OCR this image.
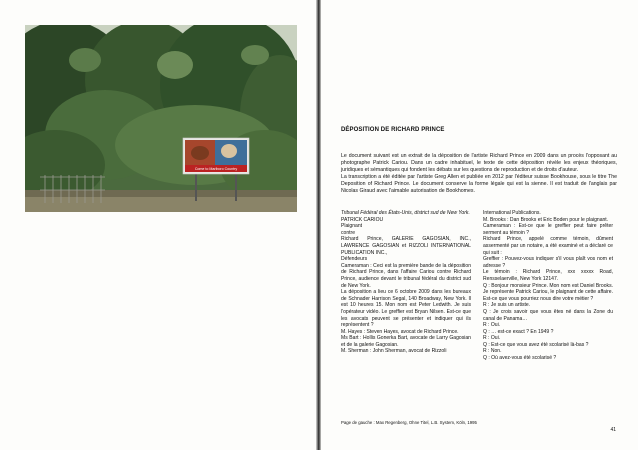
Come to Marlboro Country
DÉPOSITION DE RICHARD PRINCE

Le document suivant est un extrait de la déposition de l'artiste Richard Prince en 2009 dans un procès l'opposant au photographe Patrick Cariou. Dans un cadre inhabituel, le texte de cette déposition révèle les enjeux théoriques, juridiques et sémantiques qui fondent les débats sur les questions de reproduction et de droits d'auteur.

La transcription a été éditée par l'artiste Greg Allen et publiée en 2012 par l'éditeur suisse Bookhouse, sous le titre The Deposition of Richard Prince. Le document conserve la forme légale qui est la sienne. Il est traduit de l'anglais par Nicolas Giraud avec l'aimable autorisation de Bookhomes.

Tribunal Fédéral des États-Unis, district sud de New York.

PATRICK CARIOU

Plaignant

contre

Richard Prince, GALERIE GAGOSIAN, INC., LAWRENCE GAGOSIAN et RIZZOLI INTERNATIONAL PUBLICATION INC.,

Défendeurs

Cameraman : Ceci est la première bande de la déposition de Richard Prince, dans l'affaire Cariou contre Richard Prince, audience devant le tribunal fédéral du district sud de New York.

La déposition a lieu ce 6 octobre 2009 dans les bureaux de Schnader Harrison Segal, 140 Broadway, New York. Il est 10 heures 15. Mon nom est Peter Ledwith. Je suis l'opérateur vidéo. Le greffier est Bryan Nilsen. Est-ce que les avocats peuvent se présenter et indiquer qui ils représentent ?

M. Hayes : Steven Hayes, avocat de Richard Prince.

Ms Bart : Hollis Gonerka Bart, avocate de Larry Gagosian et de la galerie Gagosian.

M. Sherman : John Sherman, avocat de Rizzoli

International Publications.

M. Brooks : Dan Brooks et Eric Boden pour le plaignant.

Cameraman : Est-ce que le greffier peut faire prêter serment au témoin ?

Richard Prince, appelé comme témoin, dûment assermenté par un notaire, a été examiné et a déclaré ce qui suit :

Greffier : Pouvez-vous indiquer s'il vous plaît vos nom et adresse ?

Le témoin : Richard Prince, xxx xxxxx Road, Rensselaerville, New York 12147.

Q : Bonjour monsieur Prince. Mon nom est Daniel Brooks. Je représente Patrick Cariou, le plaignant de cette affaire. Est-ce que vous pourriez nous dire votre métier ?

R : Je suis un artiste.

Q : Je crois savoir que vous êtes né dans la Zone du canal de Panama…

R : Oui.

Q : … est-ce exact ? En 1949 ?

R : Oui.

Q : Est-ce que vous avez été scolarisé là-bas ?

R : Non.

Q : Où avez-vous été scolarisé ?

Page de gauche : Max Regenberg, Ohne Titel, L.B. System, Köln, 1995
41
